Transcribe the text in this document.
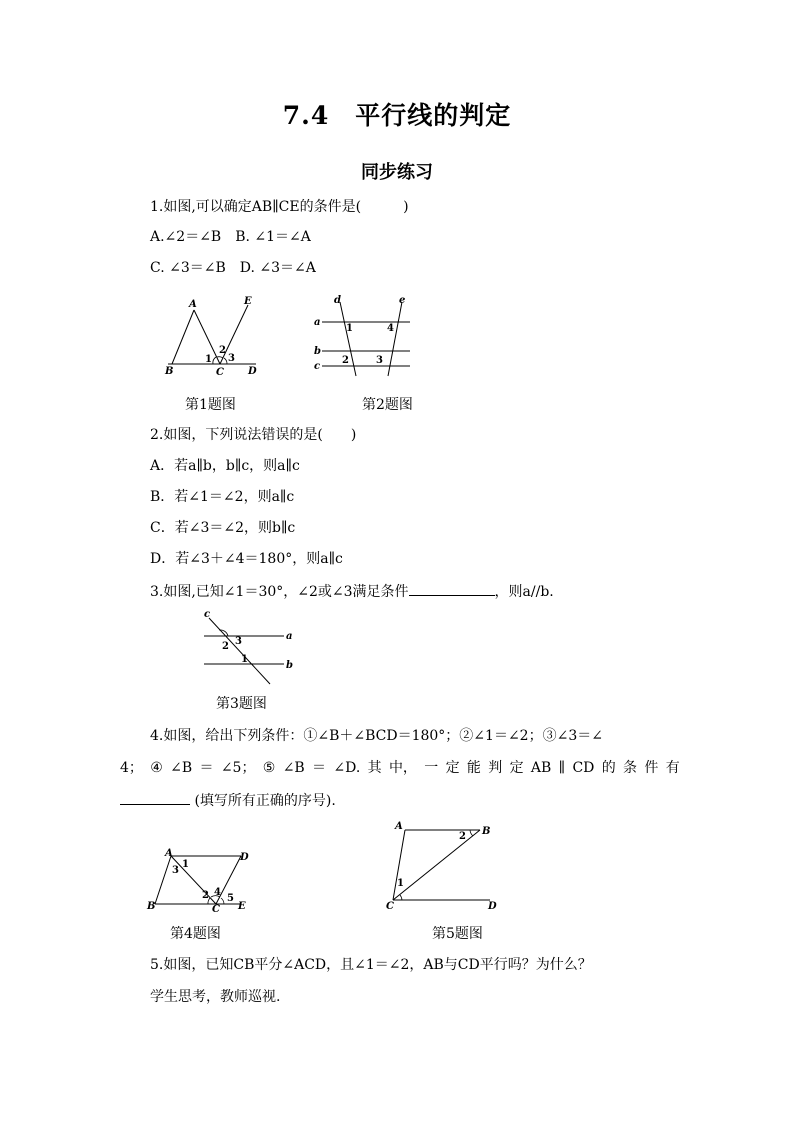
7.4　平行线的判定
同步练习
1.如图,可以确定AB∥CE的条件是(　　　)
A.∠2＝∠B　B. ∠1＝∠A
C. ∠3＝∠B　D. ∠3＝∠A
A	E
B	C D
1
2
3
第1题图
d	e
a
b
c
1	4
2	3
第2题图
2.如图，下列说法错误的是(　　)
A．若a∥b，b∥c，则a∥c
B．若∠1＝∠2，则a∥c
C．若∠3＝∠2，则b∥c
D．若∠3＋∠4＝180°，则a∥c
3.如图,已知∠1＝30°，∠2或∠3满足条件	，则a//b.
c
a
b
2 3
1
第3题图
4.如图，给出下列条件：①∠B＋∠BCD＝180°；②∠1＝∠2；③∠3＝∠
4； ④ ∠B ＝ ∠5； ⑤ ∠B ＝ ∠D. 其 中， 一 定 能 判 定 AB ∥ CD 的 条 件 有
(填写所有正确的序号).
A	B
C	D
2
1
A	D
B	C E
1
3
2 4
5
第4题图	第5题图
5.如图，已知CB平分∠ACD，且∠1＝∠2，AB与CD平行吗？为什么？
学生思考，教师巡视.
